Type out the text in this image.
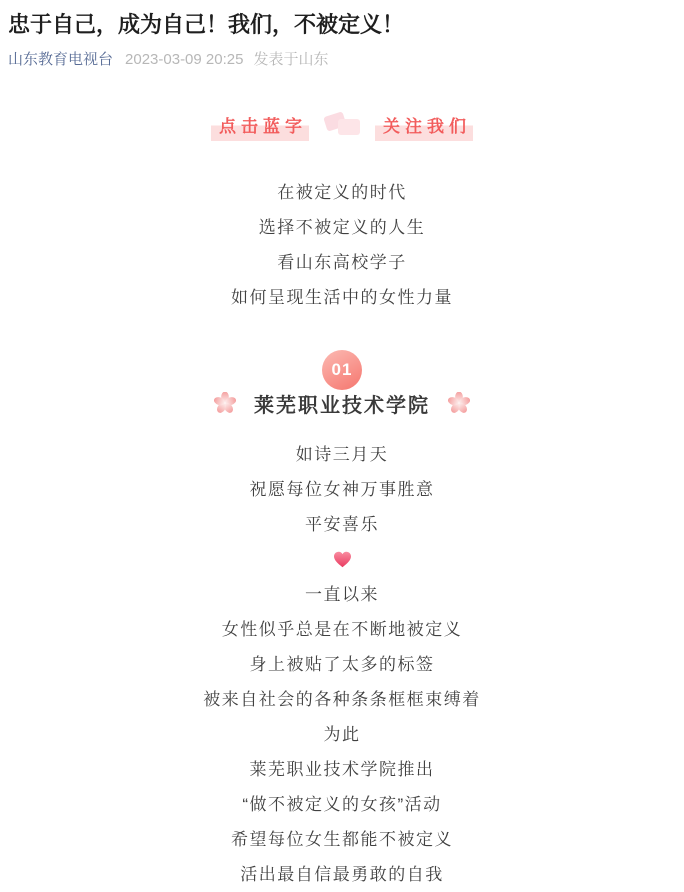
忠于自己，成为自己！我们，不被定义！
山东教育电视台 2023-03-09 20:25 发表于山东
点击蓝字	关注我们

在被定义的时代

选择不被定义的人生

看山东高校学子

如何呈现生活中的女性力量

01
莱芜职业技术学院

如诗三月天

祝愿每位女神万事胜意

平安喜乐

一直以来

女性似乎总是在不断地被定义

身上被贴了太多的标签

被来自社会的各种条条框框束缚着

为此

莱芜职业技术学院推出

“做不被定义的女孩”活动

希望每位女生都能不被定义

活出最自信最勇敢的自我
